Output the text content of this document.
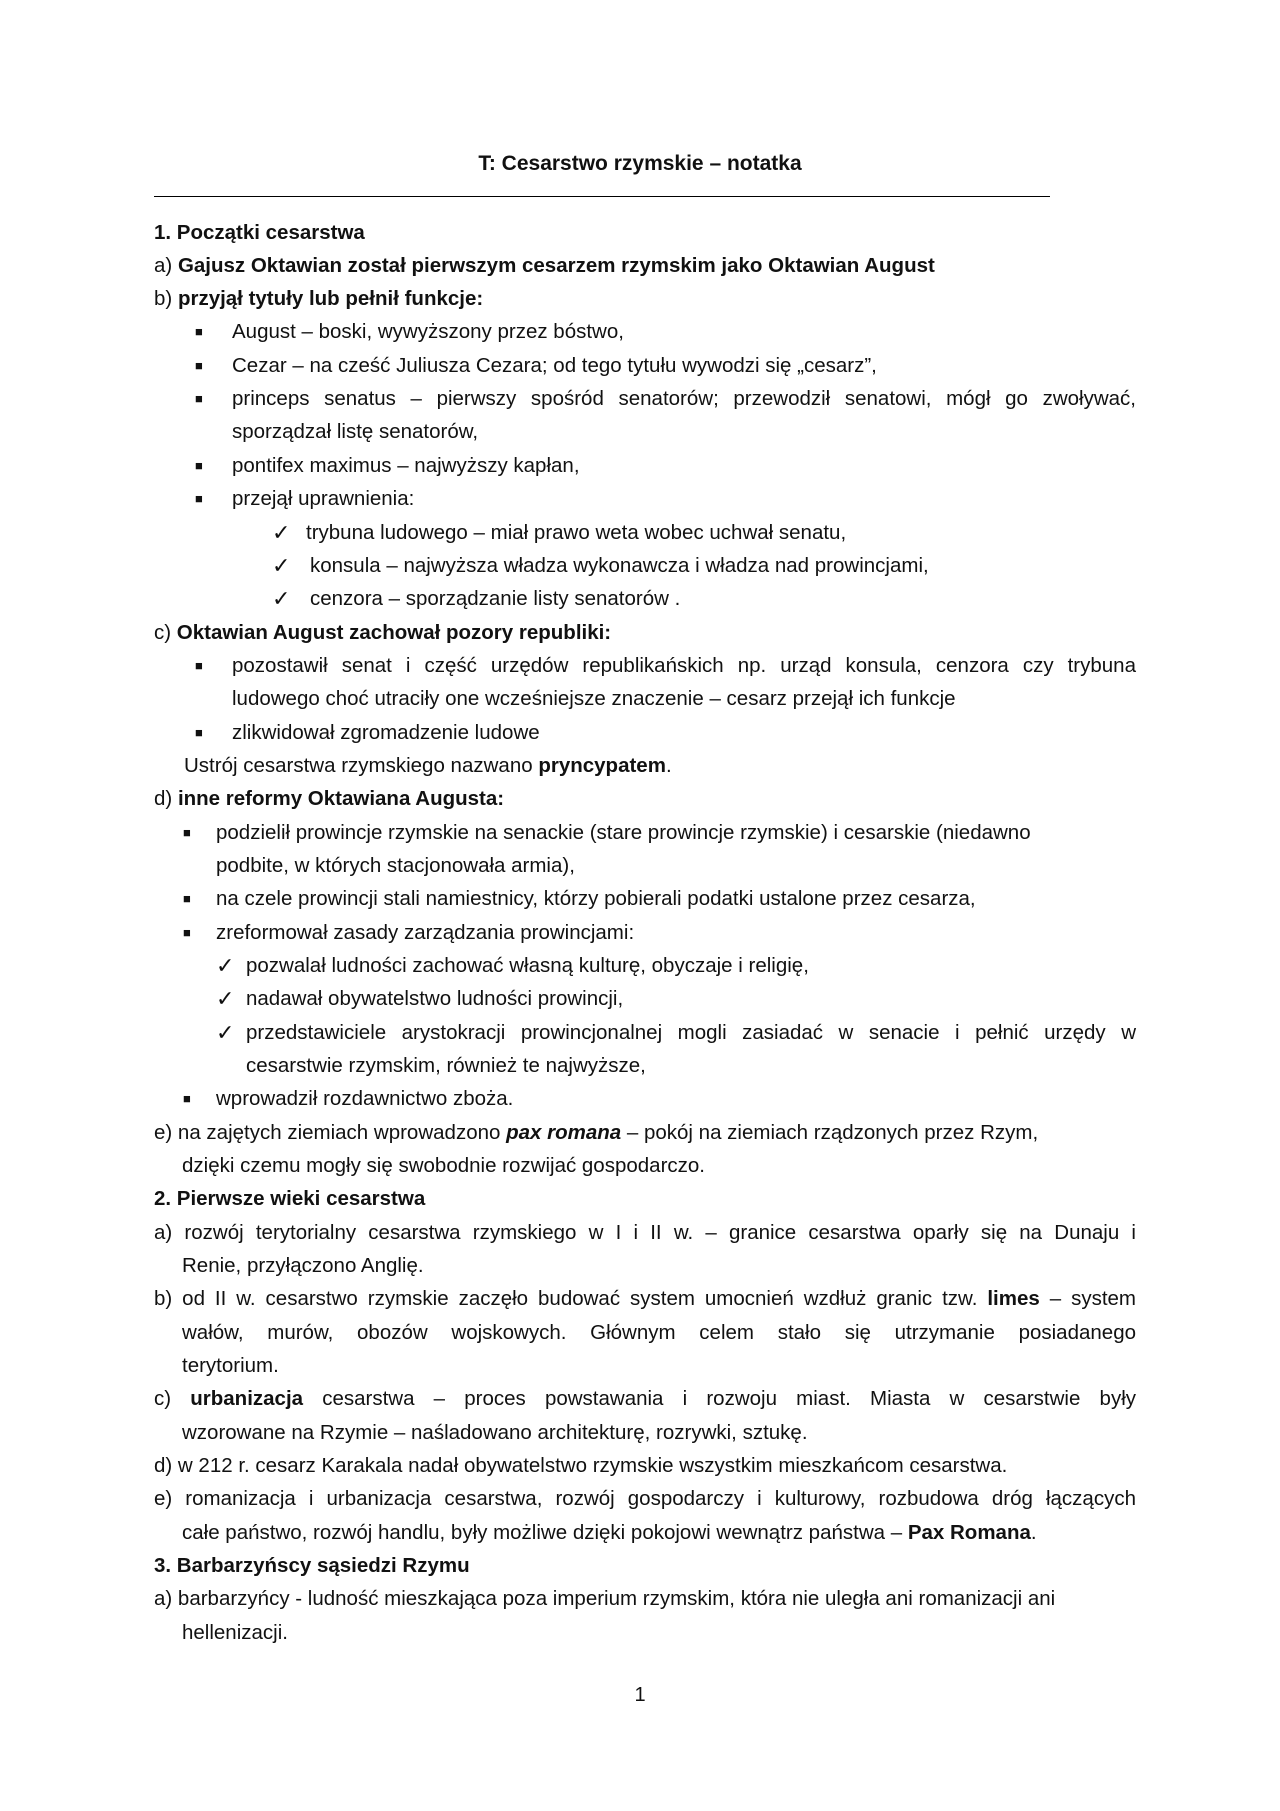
T: Cesarstwo rzymskie – notatka
1. Początki cesarstwa
a) Gajusz Oktawian został pierwszym cesarzem rzymskim jako Oktawian August
b) przyjął tytuły lub pełnił funkcje:
■ August – boski, wywyższony przez bóstwo,
■ Cezar – na cześć Juliusza Cezara; od tego tytułu wywodzi się „cesarz”,
■ princeps senatus – pierwszy spośród senatorów; przewodził senatowi, mógł go zwoływać,
sporządzał listę senatorów,
■ pontifex maximus – najwyższy kapłan,
■ przejął uprawnienia:
✓ trybuna ludowego – miał prawo weta wobec uchwał senatu,
✓ konsula – najwyższa władza wykonawcza i władza nad prowincjami,
✓ cenzora – sporządzanie listy senatorów .
c) Oktawian August zachował pozory republiki:
■ pozostawił senat i część urzędów republikańskich np. urząd konsula, cenzora czy trybuna
ludowego choć utraciły one wcześniejsze znaczenie – cesarz przejął ich funkcje
■ zlikwidował zgromadzenie ludowe
Ustrój cesarstwa rzymskiego nazwano pryncypatem.
d) inne reformy Oktawiana Augusta:
■ podzielił prowincje rzymskie na senackie (stare prowincje rzymskie) i cesarskie (niedawno
podbite, w których stacjonowała armia),
■ na czele prowincji stali namiestnicy, którzy pobierali podatki ustalone przez cesarza,
■ zreformował zasady zarządzania prowincjami:
✓ pozwalał ludności zachować własną kulturę, obyczaje i religię,
✓ nadawał obywatelstwo ludności prowincji,
✓ przedstawiciele arystokracji prowincjonalnej mogli zasiadać w senacie i pełnić urzędy w
cesarstwie rzymskim, również te najwyższe,
■ wprowadził rozdawnictwo zboża.
e) na zajętych ziemiach wprowadzono pax romana – pokój na ziemiach rządzonych przez Rzym,
dzięki czemu mogły się swobodnie rozwijać gospodarczo.
2. Pierwsze wieki cesarstwa
a) rozwój terytorialny cesarstwa rzymskiego w I i II w. – granice cesarstwa oparły się na Dunaju i
Renie, przyłączono Anglię.
b) od II w. cesarstwo rzymskie zaczęło budować system umocnień wzdłuż granic tzw. limes – system
wałów, murów, obozów wojskowych. Głównym celem stało się utrzymanie posiadanego
terytorium.
c) urbanizacja cesarstwa – proces powstawania i rozwoju miast. Miasta w cesarstwie były
wzorowane na Rzymie – naśladowano architekturę, rozrywki, sztukę.
d) w 212 r. cesarz Karakala nadał obywatelstwo rzymskie wszystkim mieszkańcom cesarstwa.
e) romanizacja i urbanizacja cesarstwa, rozwój gospodarczy i kulturowy, rozbudowa dróg łączących
całe państwo, rozwój handlu, były możliwe dzięki pokojowi wewnątrz państwa – Pax Romana.
3. Barbarzyńscy sąsiedzi Rzymu
a) barbarzyńcy - ludność mieszkająca poza imperium rzymskim, która nie uległa ani romanizacji ani
hellenizacji.
1
